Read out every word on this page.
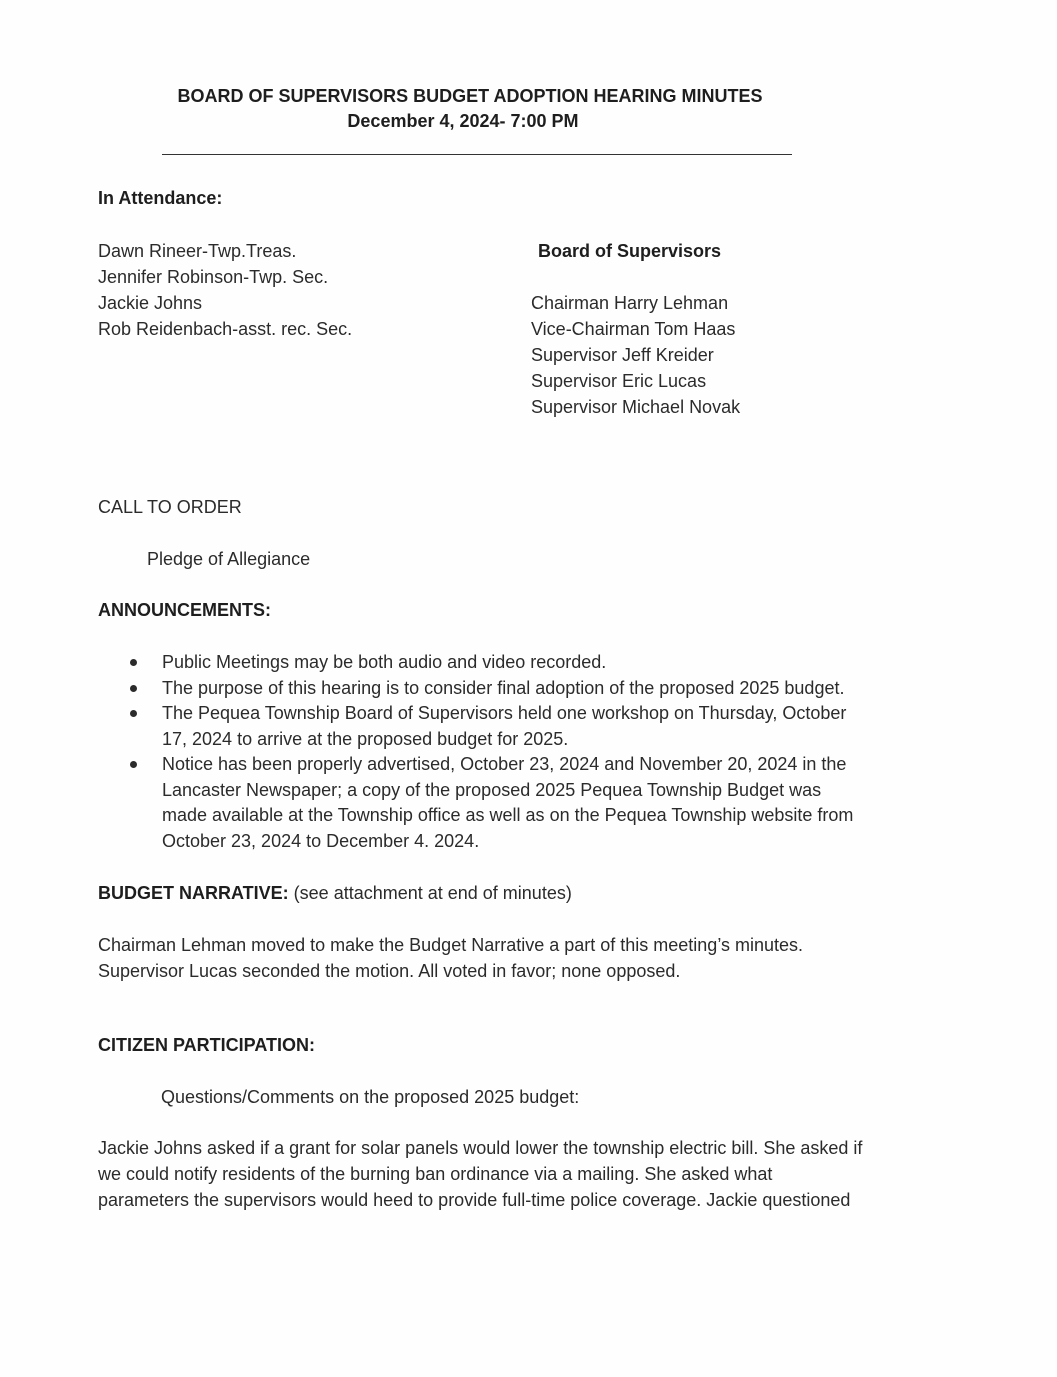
BOARD OF SUPERVISORS BUDGET ADOPTION HEARING MINUTES
December 4, 2024- 7:00 PM
In Attendance:
Dawn Rineer-Twp.Treas.
Jennifer Robinson-Twp. Sec.
Jackie Johns
Rob Reidenbach-asst. rec. Sec.
Board of Supervisors
Chairman Harry Lehman
Vice-Chairman Tom Haas
Supervisor Jeff Kreider
Supervisor Eric Lucas
Supervisor Michael Novak
CALL TO ORDER
Pledge of Allegiance
ANNOUNCEMENTS:
Public Meetings may be both audio and video recorded.
The purpose of this hearing is to consider final adoption of the proposed 2025 budget.
The Pequea Township Board of Supervisors held one workshop on Thursday, October
17, 2024 to arrive at the proposed budget for 2025.
Notice has been properly advertised, October 23, 2024 and November 20, 2024 in the
Lancaster Newspaper; a copy of the proposed 2025 Pequea Township Budget was
made available at the Township office as well as on the Pequea Township website from
October 23, 2024 to December 4. 2024.
BUDGET NARRATIVE: (see attachment at end of minutes)
Chairman Lehman moved to make the Budget Narrative a part of this meeting’s minutes.
Supervisor Lucas seconded the motion. All voted in favor; none opposed.
CITIZEN PARTICIPATION:
Questions/Comments on the proposed 2025 budget:
Jackie Johns asked if a grant for solar panels would lower the township electric bill. She asked if
we could notify residents of the burning ban ordinance via a mailing. She asked what
parameters the supervisors would heed to provide full-time police coverage. Jackie questioned
